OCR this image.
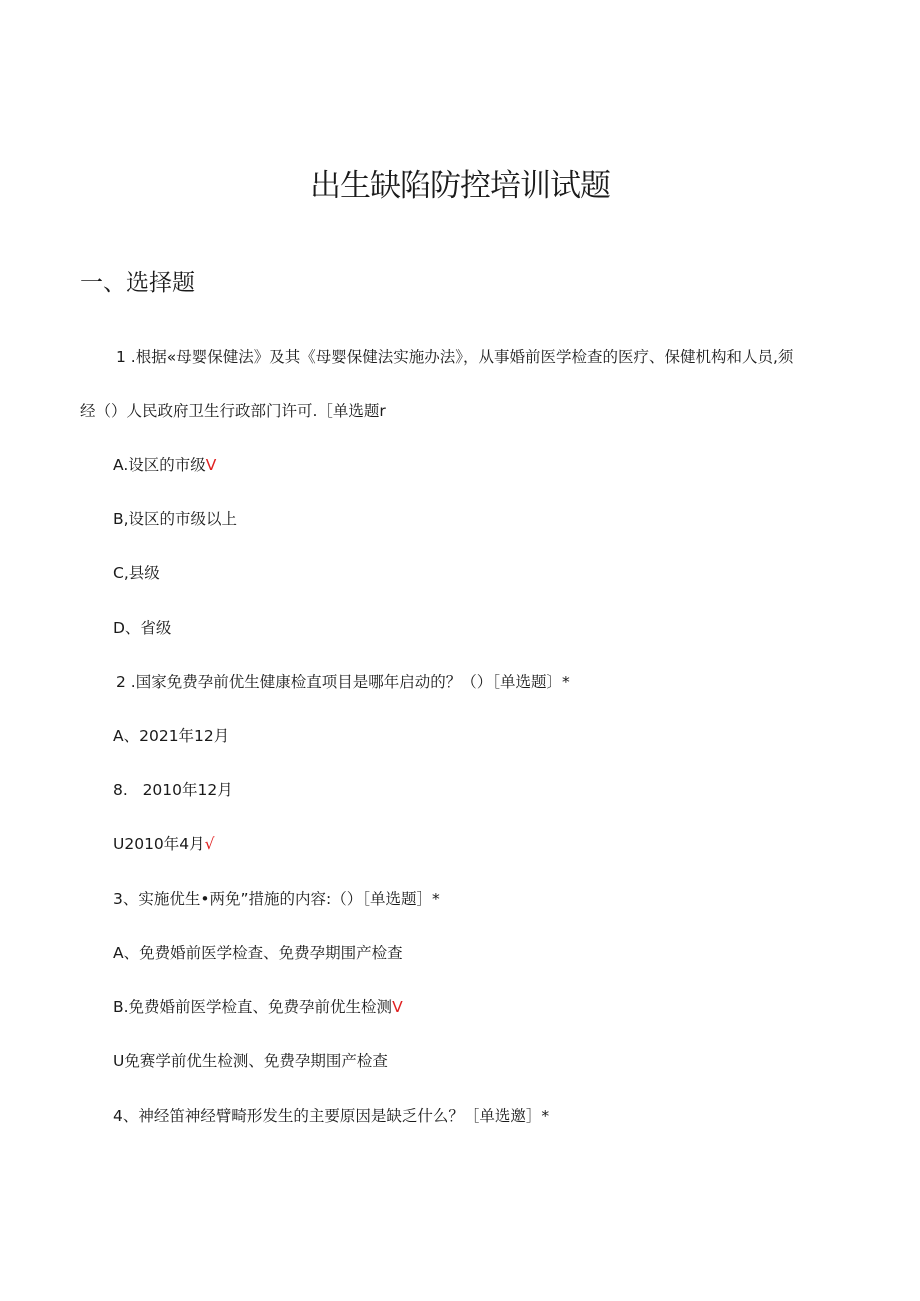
出生缺陷防控培训试题
一、选择题
1 .根据«母婴保健法》及其《母婴保健法实施办法》，从事婚前医学检查的医疗、保健机构和人员,须
经（）人民政府卫生行政部门许可.［单选题r
A.设区的市级V
B,设区的市级以上
C,县级
D、省级
2 .国家免费孕前优生健康检直项目是哪年启动的？（）［单选题〕*
A、2021年12月
8.   2010年12月
U2010年4月√
3、实施优生•两免”措施的内容:（）［单选题］*
A、免费婚前医学检查、免费孕期围产检查
B.免费婚前医学检直、免费孕前优生检测V
U免赛学前优生检测、免费孕期围产检查
4、神经笛神经臂畸形发生的主要原因是缺乏什么？［单选邀］*
